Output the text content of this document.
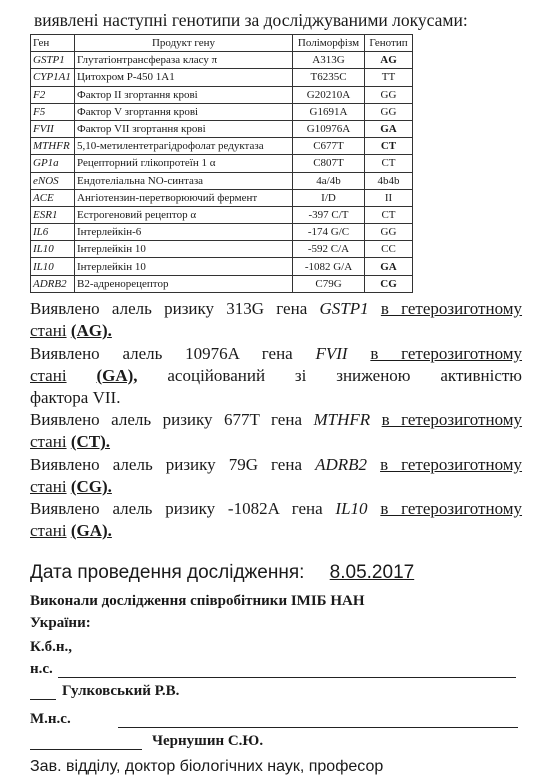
виявлені наступні генотипи за досліджуваними локусами:
Ген	Продукт гену	Поліморфізм	Генотип
GSTP1	Глутатіонтрансфераза класу π	A313G	AG
CYP1A1	Цитохром Р-450 1А1	T6235C	TT
F2	Фактор ІІ згортання крові	G20210A	GG
F5	Фактор V згортання крові	G1691A	GG
FVII	Фактор VII згортання крові	G10976A	GA
MTHFR	5,10-метилентетрагідрофолат редуктаза	C677T	CT
GP1a	Рецепторний глікопротеїн 1 α	C807T	CT
eNOS	Ендотеліальна NO-синтаза	4a/4b	4b4b
ACE	Ангіотензин-перетворюючий фермент	I/D	II
ESR1	Естрогеновий рецептор α	-397 C/T	CT
IL6	Інтерлейкін-6	-174 G/C	GG
IL10	Інтерлейкін 10	-592 C/A	CC
IL10	Інтерлейкін 10	-1082 G/A	GA
ADRB2	В2-адренорецептор	C79G	CG
Виявлено алель ризику 313G гена GSTP1 в гетерозиготному
стані (AG).
Виявлено алель 10976A гена FVII в гетерозиготному
стані (GA), асоційований зі зниженою активністю
фактора VII.
Виявлено алель ризику 677T гена MTHFR в гетерозиготному
стані (CT).
Виявлено алель ризику 79G гена ADRB2 в гетерозиготному
стані (CG).
Виявлено алель ризику -1082A гена IL10 в гетерозиготному
стані (GA).
Дата проведення дослідження: 8.05.2017
Виконали дослідження співробітники ІМІБ НАН
України:
К.б.н.,
н.с.
Гулковський Р.В.
М.н.с.
Чернушин С.Ю.
Зав. відділу, доктор біологічних наук, професор
